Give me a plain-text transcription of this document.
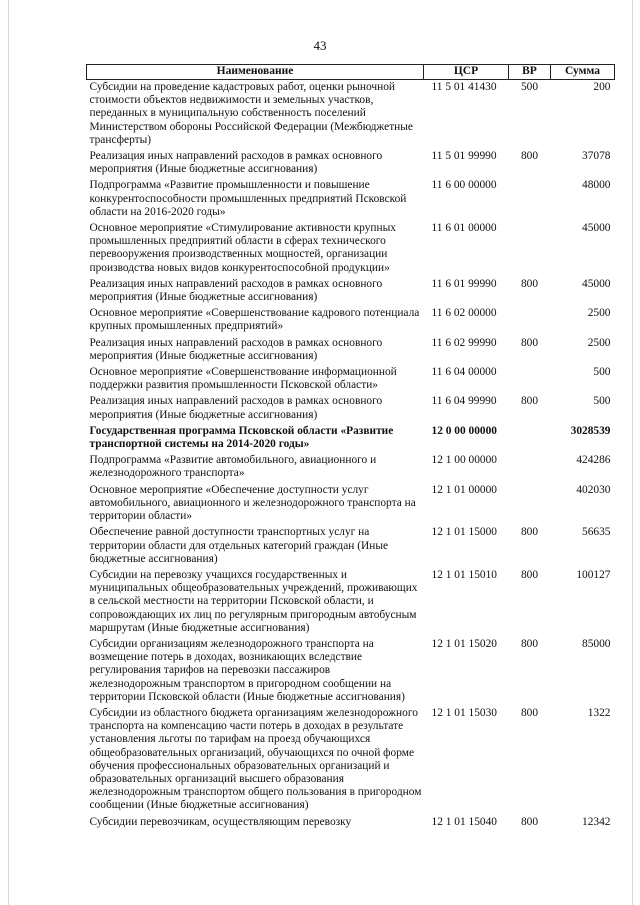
43
Наименование	ЦСР	ВР	Сумма
Субсидии на проведение кадастровых работ, оценки рыночной стоимости объектов недвижимости и земельных участков, переданных в муниципальную собственность поселений Министерством обороны Российской Федерации (Межбюджетные трансферты)	11 5 01 41430	500	200
Реализация иных направлений расходов в рамках основного мероприятия (Иные бюджетные ассигнования)	11 5 01 99990	800	37078
Подпрограмма «Развитие промышленности и повышение конкурентоспособности промышленных предприятий Псковской области на 2016-2020 годы»	11 6 00 00000		48000
Основное мероприятие «Стимулирование активности крупных промышленных предприятий области в сферах технического перевооружения производственных мощностей, организации производства новых видов конкурентоспособной продукции»	11 6 01 00000		45000
Реализация иных направлений расходов в рамках основного мероприятия (Иные бюджетные ассигнования)	11 6 01 99990	800	45000
Основное мероприятие «Совершенствование кадрового потенциала крупных промышленных предприятий»	11 6 02 00000		2500
Реализация иных направлений расходов в рамках основного мероприятия (Иные бюджетные ассигнования)	11 6 02 99990	800	2500
Основное мероприятие «Совершенствование информационной поддержки развития промышленности Псковской области»	11 6 04 00000		500
Реализация иных направлений расходов в рамках основного мероприятия (Иные бюджетные ассигнования)	11 6 04 99990	800	500
Государственная программа Псковской области «Развитие транспортной системы на 2014-2020 годы»	12 0 00 00000		3028539
Подпрограмма «Развитие автомобильного, авиационного и железнодорожного транспорта»	12 1 00 00000		424286
Основное мероприятие «Обеспечение доступности услуг автомобильного, авиационного и железнодорожного транспорта на территории области»	12 1 01 00000		402030
Обеспечение равной доступности транспортных услуг на территории области для отдельных категорий граждан (Иные бюджетные ассигнования)	12 1 01 15000	800	56635
Субсидии на перевозку учащихся государственных и муниципальных общеобразовательных учреждений, проживающих в сельской местности на территории Псковской области, и сопровождающих их лиц по регулярным пригородным автобусным маршрутам (Иные бюджетные ассигнования)	12 1 01 15010	800	100127
Субсидии организациям железнодорожного транспорта на возмещение потерь в доходах, возникающих вследствие регулирования тарифов на перевозки пассажиров железнодорожным транспортом в пригородном сообщении на территории Псковской области (Иные бюджетные ассигнования)	12 1 01 15020	800	85000
Субсидии из областного бюджета организациям железнодорожного транспорта на компенсацию части потерь в доходах в результате установления льготы по тарифам на проезд обучающихся общеобразовательных организаций, обучающихся по очной форме обучения профессиональных образовательных организаций и образовательных организаций высшего образования железнодорожным транспортом общего пользования в пригородном сообщении (Иные бюджетные ассигнования)	12 1 01 15030	800	1322
Субсидии перевозчикам, осуществляющим перевозку	12 1 01 15040	800	12342
